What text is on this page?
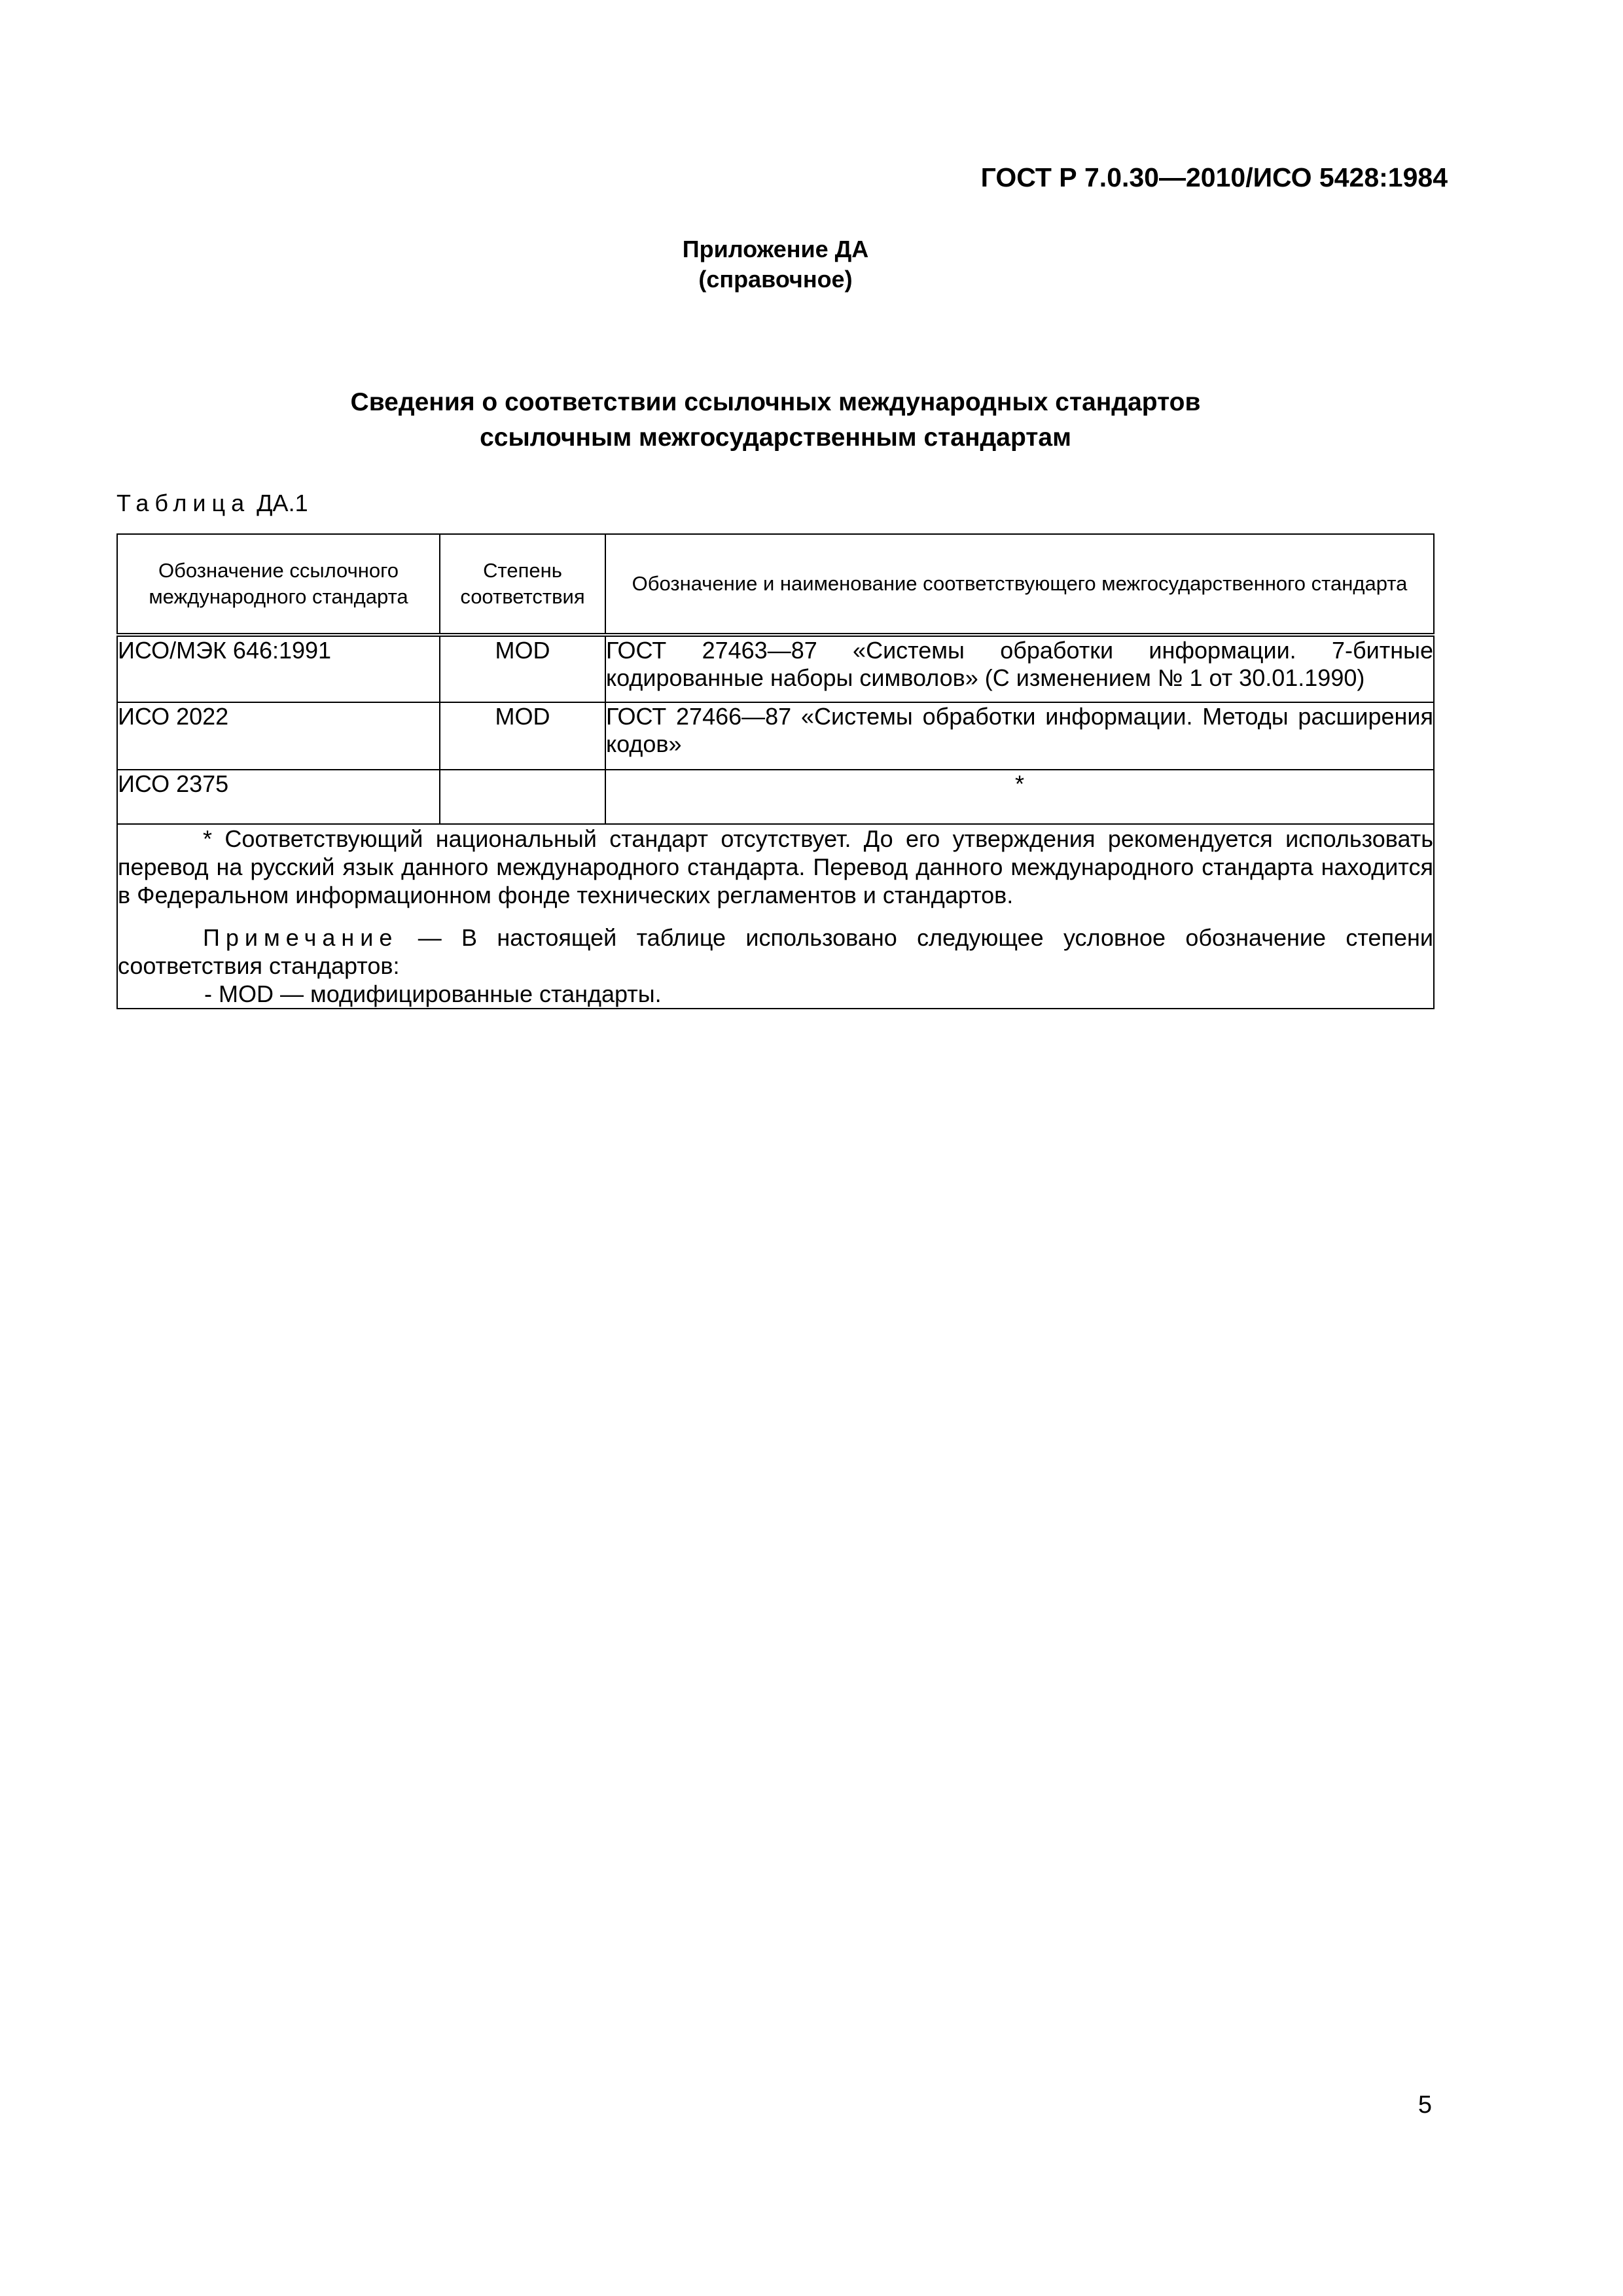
ГОСТ Р 7.0.30—2010/ИСО 5428:1984
Приложение ДА
(справочное)
Сведения о соответствии ссылочных международных стандартов
ссылочным межгосударственным стандартам
Таблица ДА.1
Обозначение ссылочного международного стандарта	Степень соответствия	Обозначение и наименование соответствующего межгосударственного стандарта

ИСО/МЭК 646:1991	MOD	ГОСТ 27463—87 «Системы обработки информации. 7-битные кодированные наборы символов» (С изменением № 1 от 30.01.1990)
ИСО 2022	MOD	ГОСТ 27466—87 «Системы обработки информации. Методы расширения кодов»
ИСО 2375		*

* Соответствующий национальный стандарт отсутствует. До его утверждения рекомендуется использовать перевод на русский язык данного международного стандарта. Перевод данного международного стандарта находится в Федеральном информационном фонде технических регламентов и стандартов.

Примечание — В настоящей таблице использовано следующее условное обозначение степени соответствия стандартов:

- MOD — модифицированные стандарты.		
5
